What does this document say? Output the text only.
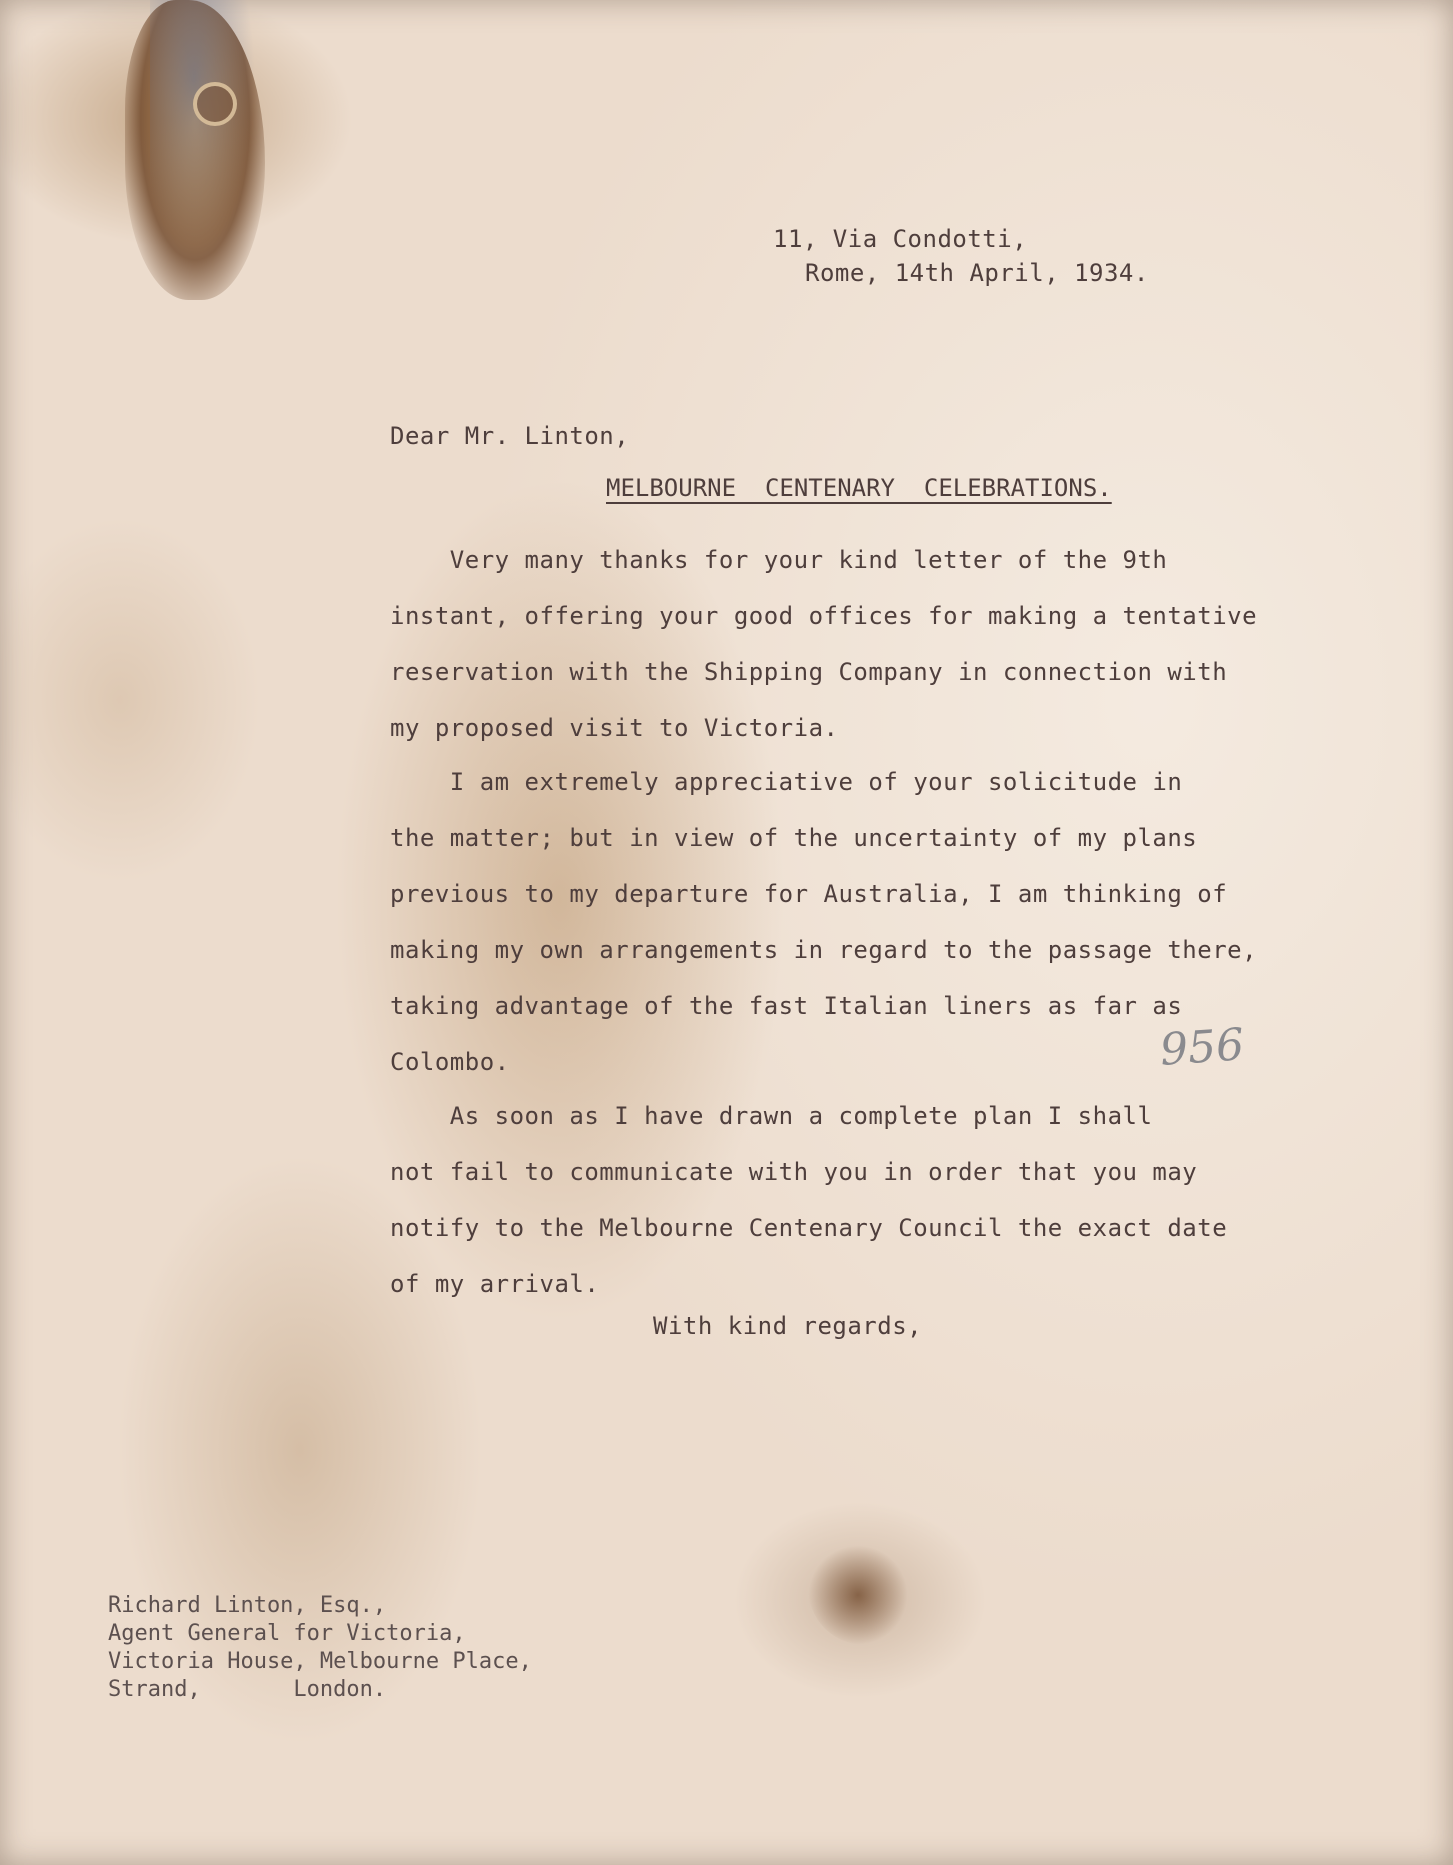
11, Via Condotti,
Rome, 14th April, 1934.
Dear Mr. Linton,
MELBOURNE  CENTENARY  CELEBRATIONS.
Very many thanks for your kind letter of the 9th
instant, offering your good offices for making a tentative
reservation with the Shipping Company in connection with
my proposed visit to Victoria.
I am extremely appreciative of your solicitude in
the matter; but in view of the uncertainty of my plans
previous to my departure for Australia, I am thinking of
making my own arrangements in regard to the passage there,
taking advantage of the fast Italian liners as far as
Colombo.
As soon as I have drawn a complete plan I shall
not fail to communicate with you in order that you may
notify to the Melbourne Centenary Council the exact date
of my arrival.
With kind regards,
956
Richard Linton, Esq.,
Agent General for Victoria,
Victoria House, Melbourne Place,
Strand,       London.
